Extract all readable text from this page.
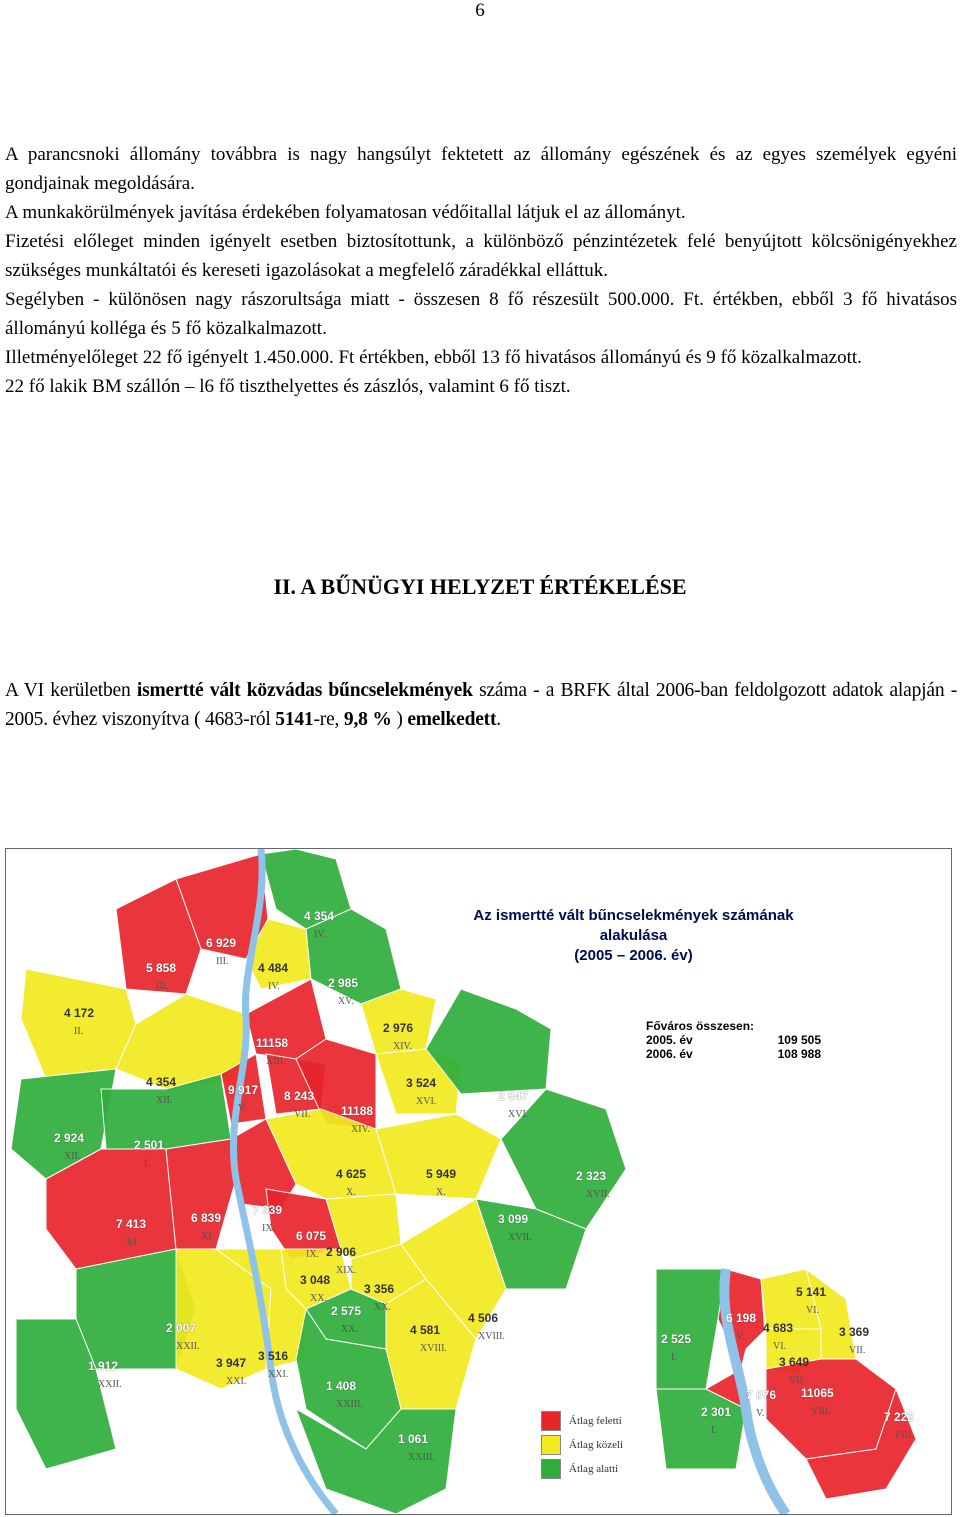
6

A parancsnoki állomány továbbra is nagy hangsúlyt fektetett az állomány egészének és az egyes személyek egyéni gondjainak megoldására.

A munkakörülmények javítása érdekében folyamatosan védőitallal látjuk el az állományt.

Fizetési előleget minden igényelt esetben biztosítottunk, a különböző pénzintézetek felé benyújtott kölcsönigényekhez szükséges munkáltatói és kereseti igazolásokat a megfelelő záradékkal elláttuk.

Segélyben - különösen nagy rászorultsága miatt - összesen 8 fő részesült 500.000. Ft. értékben, ebből 3 fő hivatásos állományú kolléga és 5 fő közalkalmazott.

Illetményelőleget 22 fő igényelt 1.450.000. Ft értékben, ebből 13 fő hivatásos állományú és 9 fő közalkalmazott.

22 fő lakik BM szállón – l6 fő tiszthelyettes és zászlós, valamint 6 fő tiszt.

II. A BŰNÜGYI HELYZET ÉRTÉKELÉSE
A VI kerületben ismertté vált közvádas bűncselekmények száma - a BRFK által 2006-ban feldolgozott adatok alapján - 2005. évhez viszonyítva ( 4683-ról 5141-re, 9,8 % ) emelkedett.
Az ismertté vált bűncselekmények számának alakulása
(2005 – 2006. év)
Főváros összesen:
2005. év	109 505
2006. év	108 988
4 354
IV.
6 929
III.
5 858
III.
4 484
IV.	2 985
XV.
4 172
II.	2 976
XIV.
11158
XIII.
4 354
XII.
9 917
V.
8 243
VII.	11188
XIV.
3 524
XVI.	2 547
XVI.
2 924
XII.
2 501
I.
4 625
X.
5 949
X.
2 323
XVII.
7 413
XI.
6 839
XI.
7 339
IX.
6 075
IX.
3 099
XVII.
2 906
XIX.
3 048
XX.
3 356
XX.
2 575
XX.
4 506
XVIII.
4 581
XVIII.
2 007
XXII.
3 947
XXI.
3 516
XXI.
1 912
XXII.	1 408
XXIII.
1 061
XXIII.
2 525
I.
6 198
V.
5 141
VI.
4 683
VI.
3 369
VII.
3 649
VII.
2 301
I.
7 076
V.
11065
VIII.	7 222
VIII.
Átlag feletti
Átlag közeli
Átlag alatti
